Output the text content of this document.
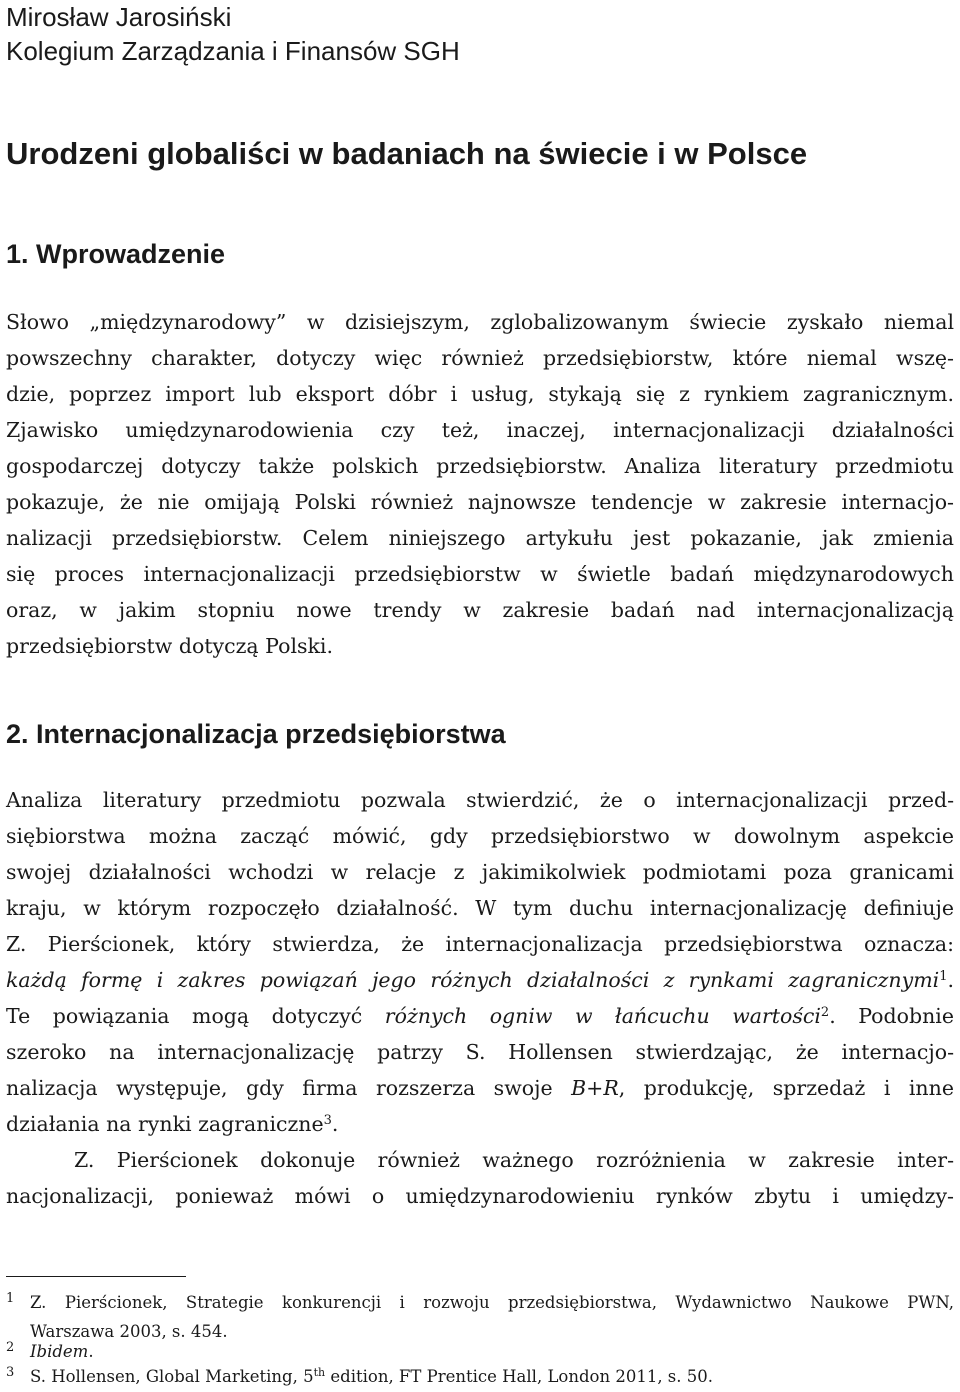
Mirosław Jarosiński
Kolegium Zarządzania i Finansów SGH
Urodzeni globaliści w badaniach na świecie i w Polsce
1. Wprowadzenie
Słowo „międzynarodowy” w dzisiejszym, zglobalizowanym świecie zyskało niemal
powszechny charakter, dotyczy więc również przedsiębiorstw, które niemal wszę-
dzie, poprzez import lub eksport dóbr i usług, stykają się z rynkiem zagranicznym.
Zjawisko umiędzynarodowienia czy też, inaczej, internacjonalizacji działalności
gospodarczej dotyczy także polskich przedsiębiorstw. Analiza literatury przedmiotu
pokazuje, że nie omijają Polski również najnowsze tendencje w zakresie internacjo-
nalizacji przedsiębiorstw. Celem niniejszego artykułu jest pokazanie, jak zmienia
się proces internacjonalizacji przedsiębiorstw w świetle badań międzynarodowych
oraz, w jakim stopniu nowe trendy w zakresie badań nad internacjonalizacją
przedsiębiorstw dotyczą Polski.
2. Internacjonalizacja przedsiębiorstwa
Analiza literatury przedmiotu pozwala stwierdzić, że o internacjonalizacji przed-
siębiorstwa można zacząć mówić, gdy przedsiębiorstwo w dowolnym aspekcie
swojej działalności wchodzi w relacje z jakimikolwiek podmiotami poza granicami
kraju, w którym rozpoczęło działalność. W tym duchu internacjonalizację definiuje
Z. Pierścionek, który stwierdza, że internacjonalizacja przedsiębiorstwa oznacza:
każdą formę i zakres powiązań jego różnych działalności z rynkami zagranicznymi$^1$.
Te powiązania mogą dotyczyć różnych ogniw w łańcuchu wartości$^2$. Podobnie
szeroko na internacjonalizację patrzy S. Hollensen stwierdzając, że internacjo-
nalizacja występuje, gdy firma rozszerza swoje B+R, produkcję, sprzedaż i inne
działania na rynki zagraniczne$^3$.
Z. Pierścionek dokonuje również ważnego rozróżnienia w zakresie inter-
nacjonalizacji, ponieważ mówi o umiędzynarodowieniu rynków zbytu i umiędzy-
1 Z. Pierścionek, Strategie konkurencji i rozwoju przedsiębiorstwa, Wydawnictwo Naukowe PWN,
Warszawa 2003, s. 454.
2 Ibidem.
3 S. Hollensen, Global Marketing, 5th edition, FT Prentice Hall, London 2011, s. 50.
